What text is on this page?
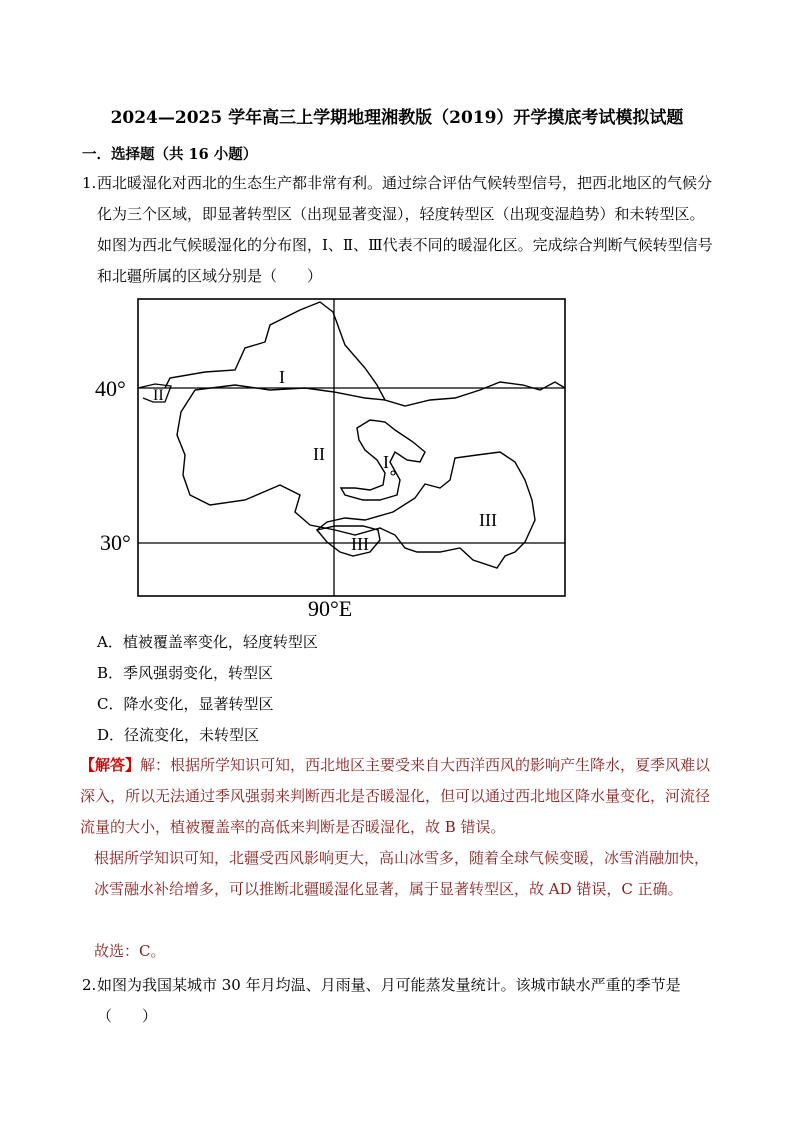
2024—2025 学年高三上学期地理湘教版（2019）开学摸底考试模拟试题
一．选择题（共 16 小题）
1. 西北暖湿化对西北的生态生产都非常有利。通过综合评估气候转型信号，把西北地区的气候分化为三个区域，即显著转型区（出现显著变湿），轻度转型区（出现变湿趋势）和未转型区。如图为西北气候暖湿化的分布图，Ⅰ、Ⅱ、Ⅲ代表不同的暖湿化区。完成综合判断气候转型信号和北疆所属的区域分别是（　　）
40°
30°
90°E
I
II
II	I
III
III
A．植被覆盖率变化，轻度转型区
B．季风强弱变化，转型区
C．降水变化，显著转型区
D．径流变化，未转型区
【解答】解：根据所学知识可知，西北地区主要受来自大西洋西风的影响产生降水，夏季风难以深入，所以无法通过季风强弱来判断西北是否暖湿化，但可以通过西北地区降水量变化，河流径流量的大小，植被覆盖率的高低来判断是否暖湿化，故 B 错误。
根据所学知识可知，北疆受西风影响更大，高山冰雪多，随着全球气候变暖，冰雪消融加快，冰雪融水补给增多，可以推断北疆暖湿化显著，属于显著转型区，故 AD 错误，C 正确。
故选：C。
2. 如图为我国某城市 30 年月均温、月雨量、月可能蒸发量统计。该城市缺水严重的季节是（　　）
